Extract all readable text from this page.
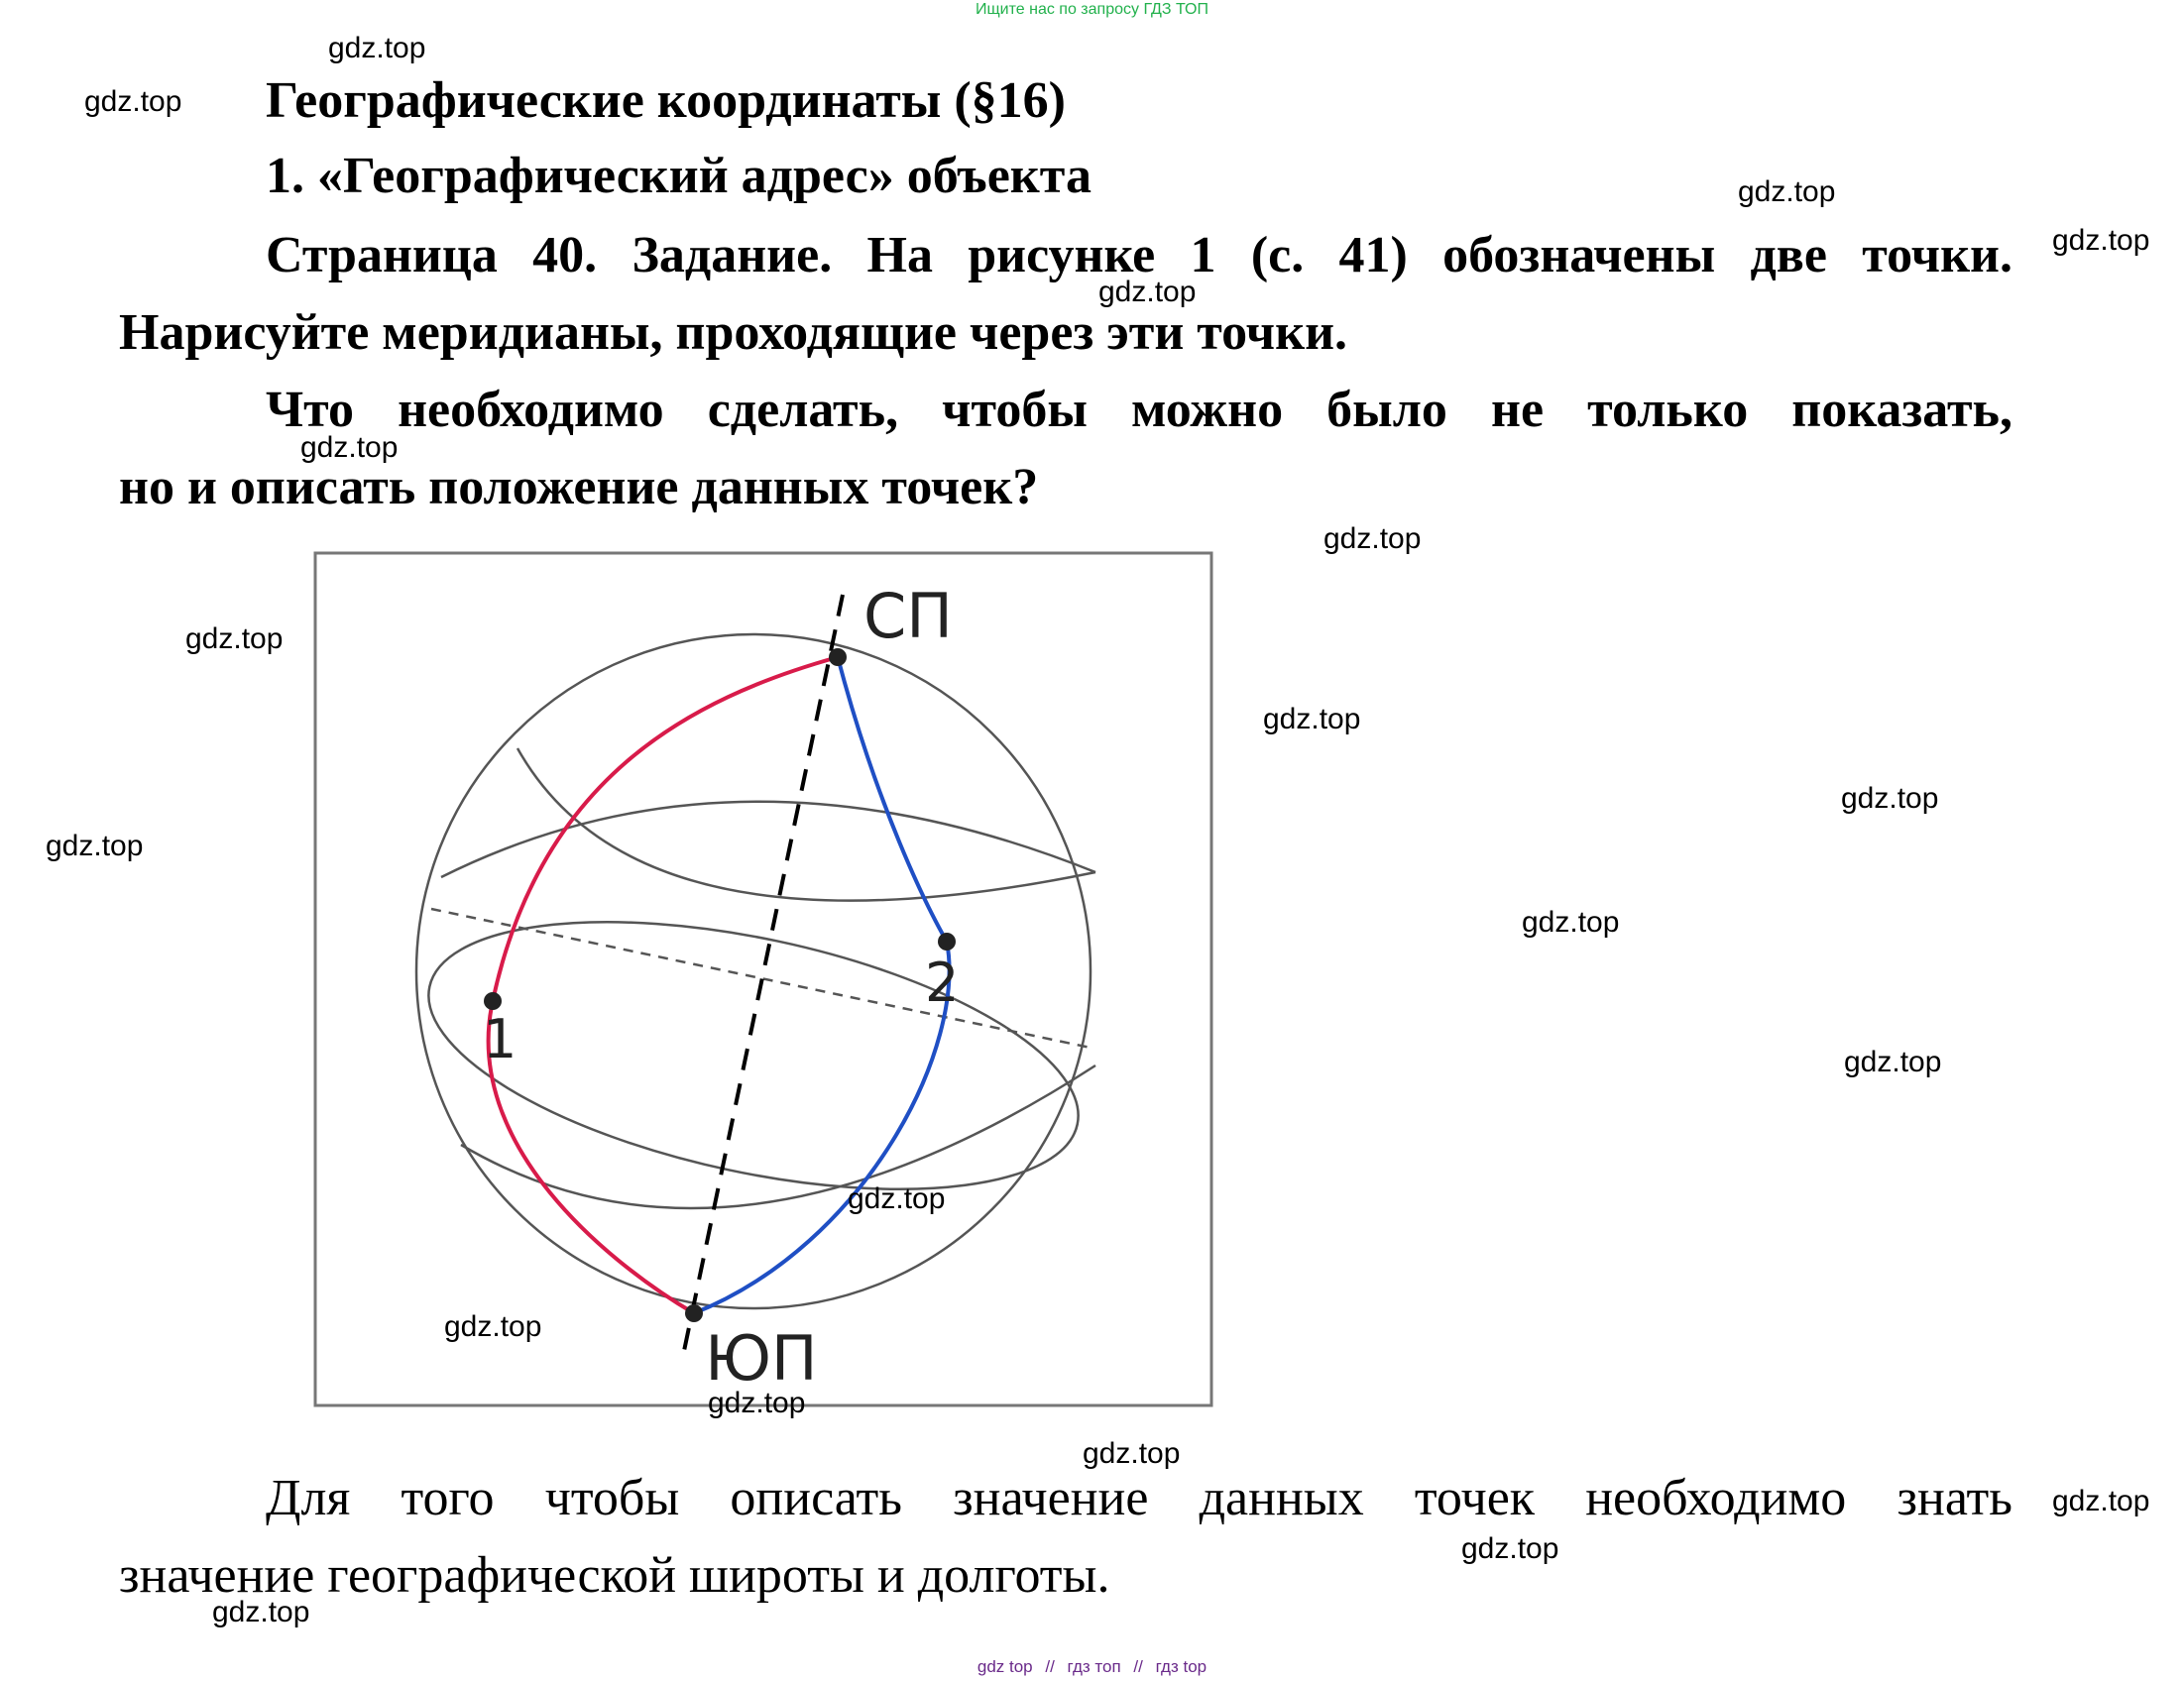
Ищите нас по запросу ГДЗ ТОП
Географические координаты (§16)
1. «Географический адрес» объекта
Страница 40. Задание. На рисунке 1 (с. 41) обозначены две точки.
Нарисуйте меридианы, проходящие через эти точки.
Что необходимо сделать, чтобы можно было не только показать,
но и описать положение данных точек?
СП
ЮП
1
2
Для того чтобы описать значение данных точек необходимо знать
значение географической широты и долготы.
gdz.top
gdz.top
gdz.top
gdz.top
gdz.top
gdz.top
gdz.top
gdz.top
gdz.top
gdz.top
gdz.top
gdz.top
gdz.top
gdz.top
gdz.top
gdz.top
gdz.top
gdz.top
gdz.top
gdz.top
gdz top // гдз топ // гдз top
